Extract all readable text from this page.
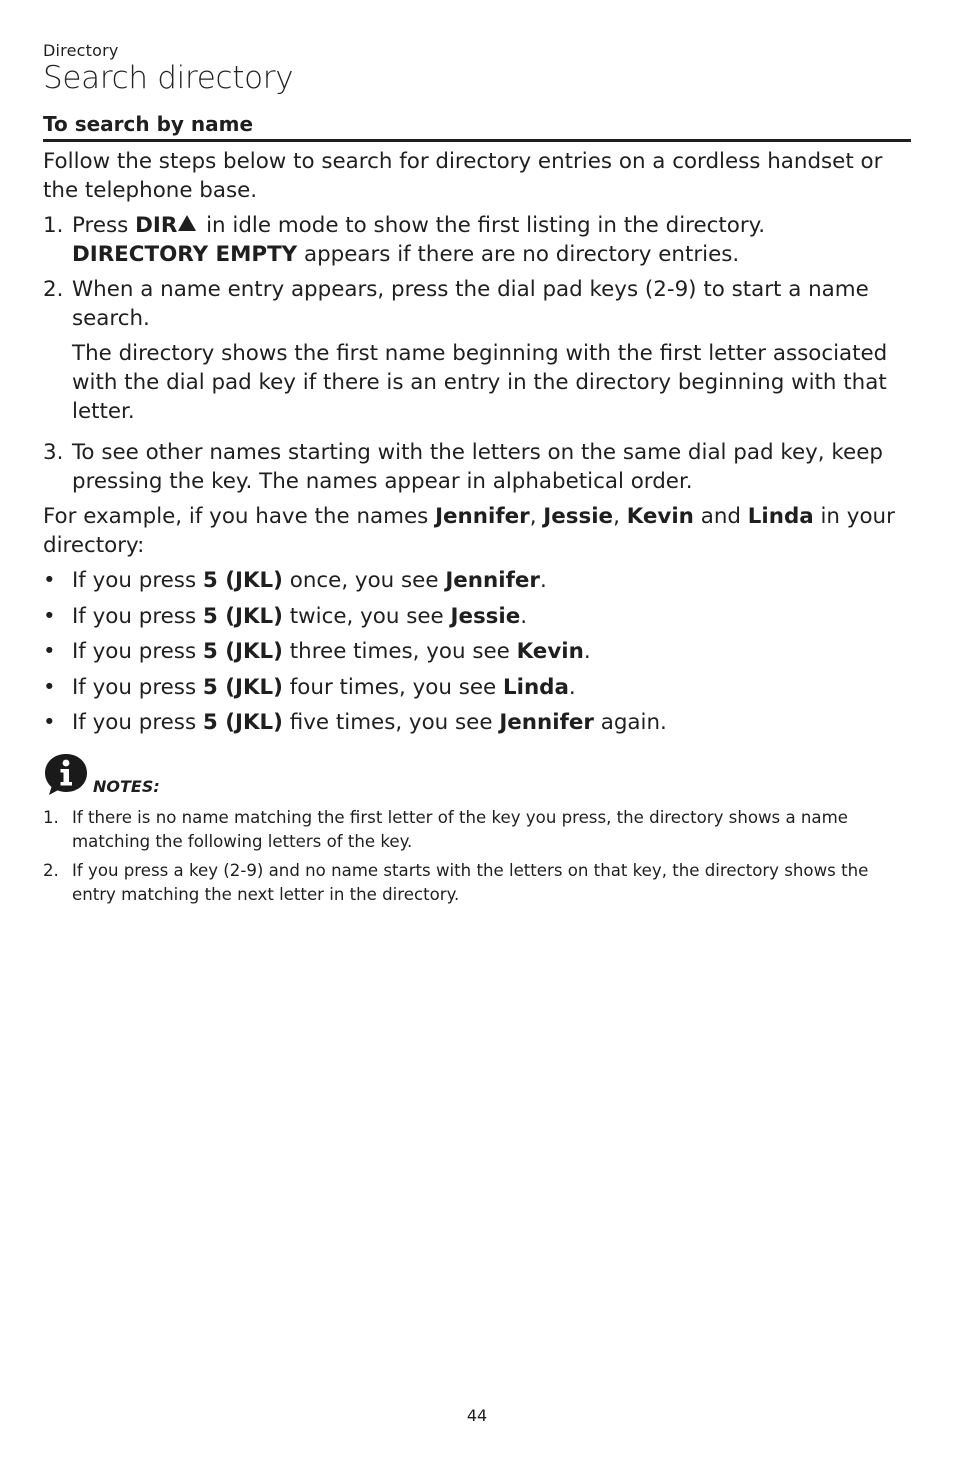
Directory
Search directory
To search by name

Follow the steps below to search for directory entries on a cordless handset or the telephone base.

1. Press DIR in idle mode to show the first listing in the directory.
DIRECTORY EMPTY appears if there are no directory entries.
2. When a name entry appears, press the dial pad keys (2-9) to start a name search.

The directory shows the first name beginning with the first letter associated with the dial pad key if there is an entry in the directory beginning with that letter.

3. To see other names starting with the letters on the same dial pad key, keep pressing the key. The names appear in alphabetical order.

For example, if you have the names Jennifer, Jessie, Kevin and Linda in your directory:

• If you press 5 (JKL) once, you see Jennifer.
• If you press 5 (JKL) twice, you see Jessie.
• If you press 5 (JKL) three times, you see Kevin.
• If you press 5 (JKL) four times, you see Linda.
• If you press 5 (JKL) five times, you see Jennifer again.
NOTES:
1. If there is no name matching the first letter of the key you press, the directory shows a name matching the following letters of the key.
2. If you press a key (2-9) and no name starts with the letters on that key, the directory shows the entry matching the next letter in the directory.
44
